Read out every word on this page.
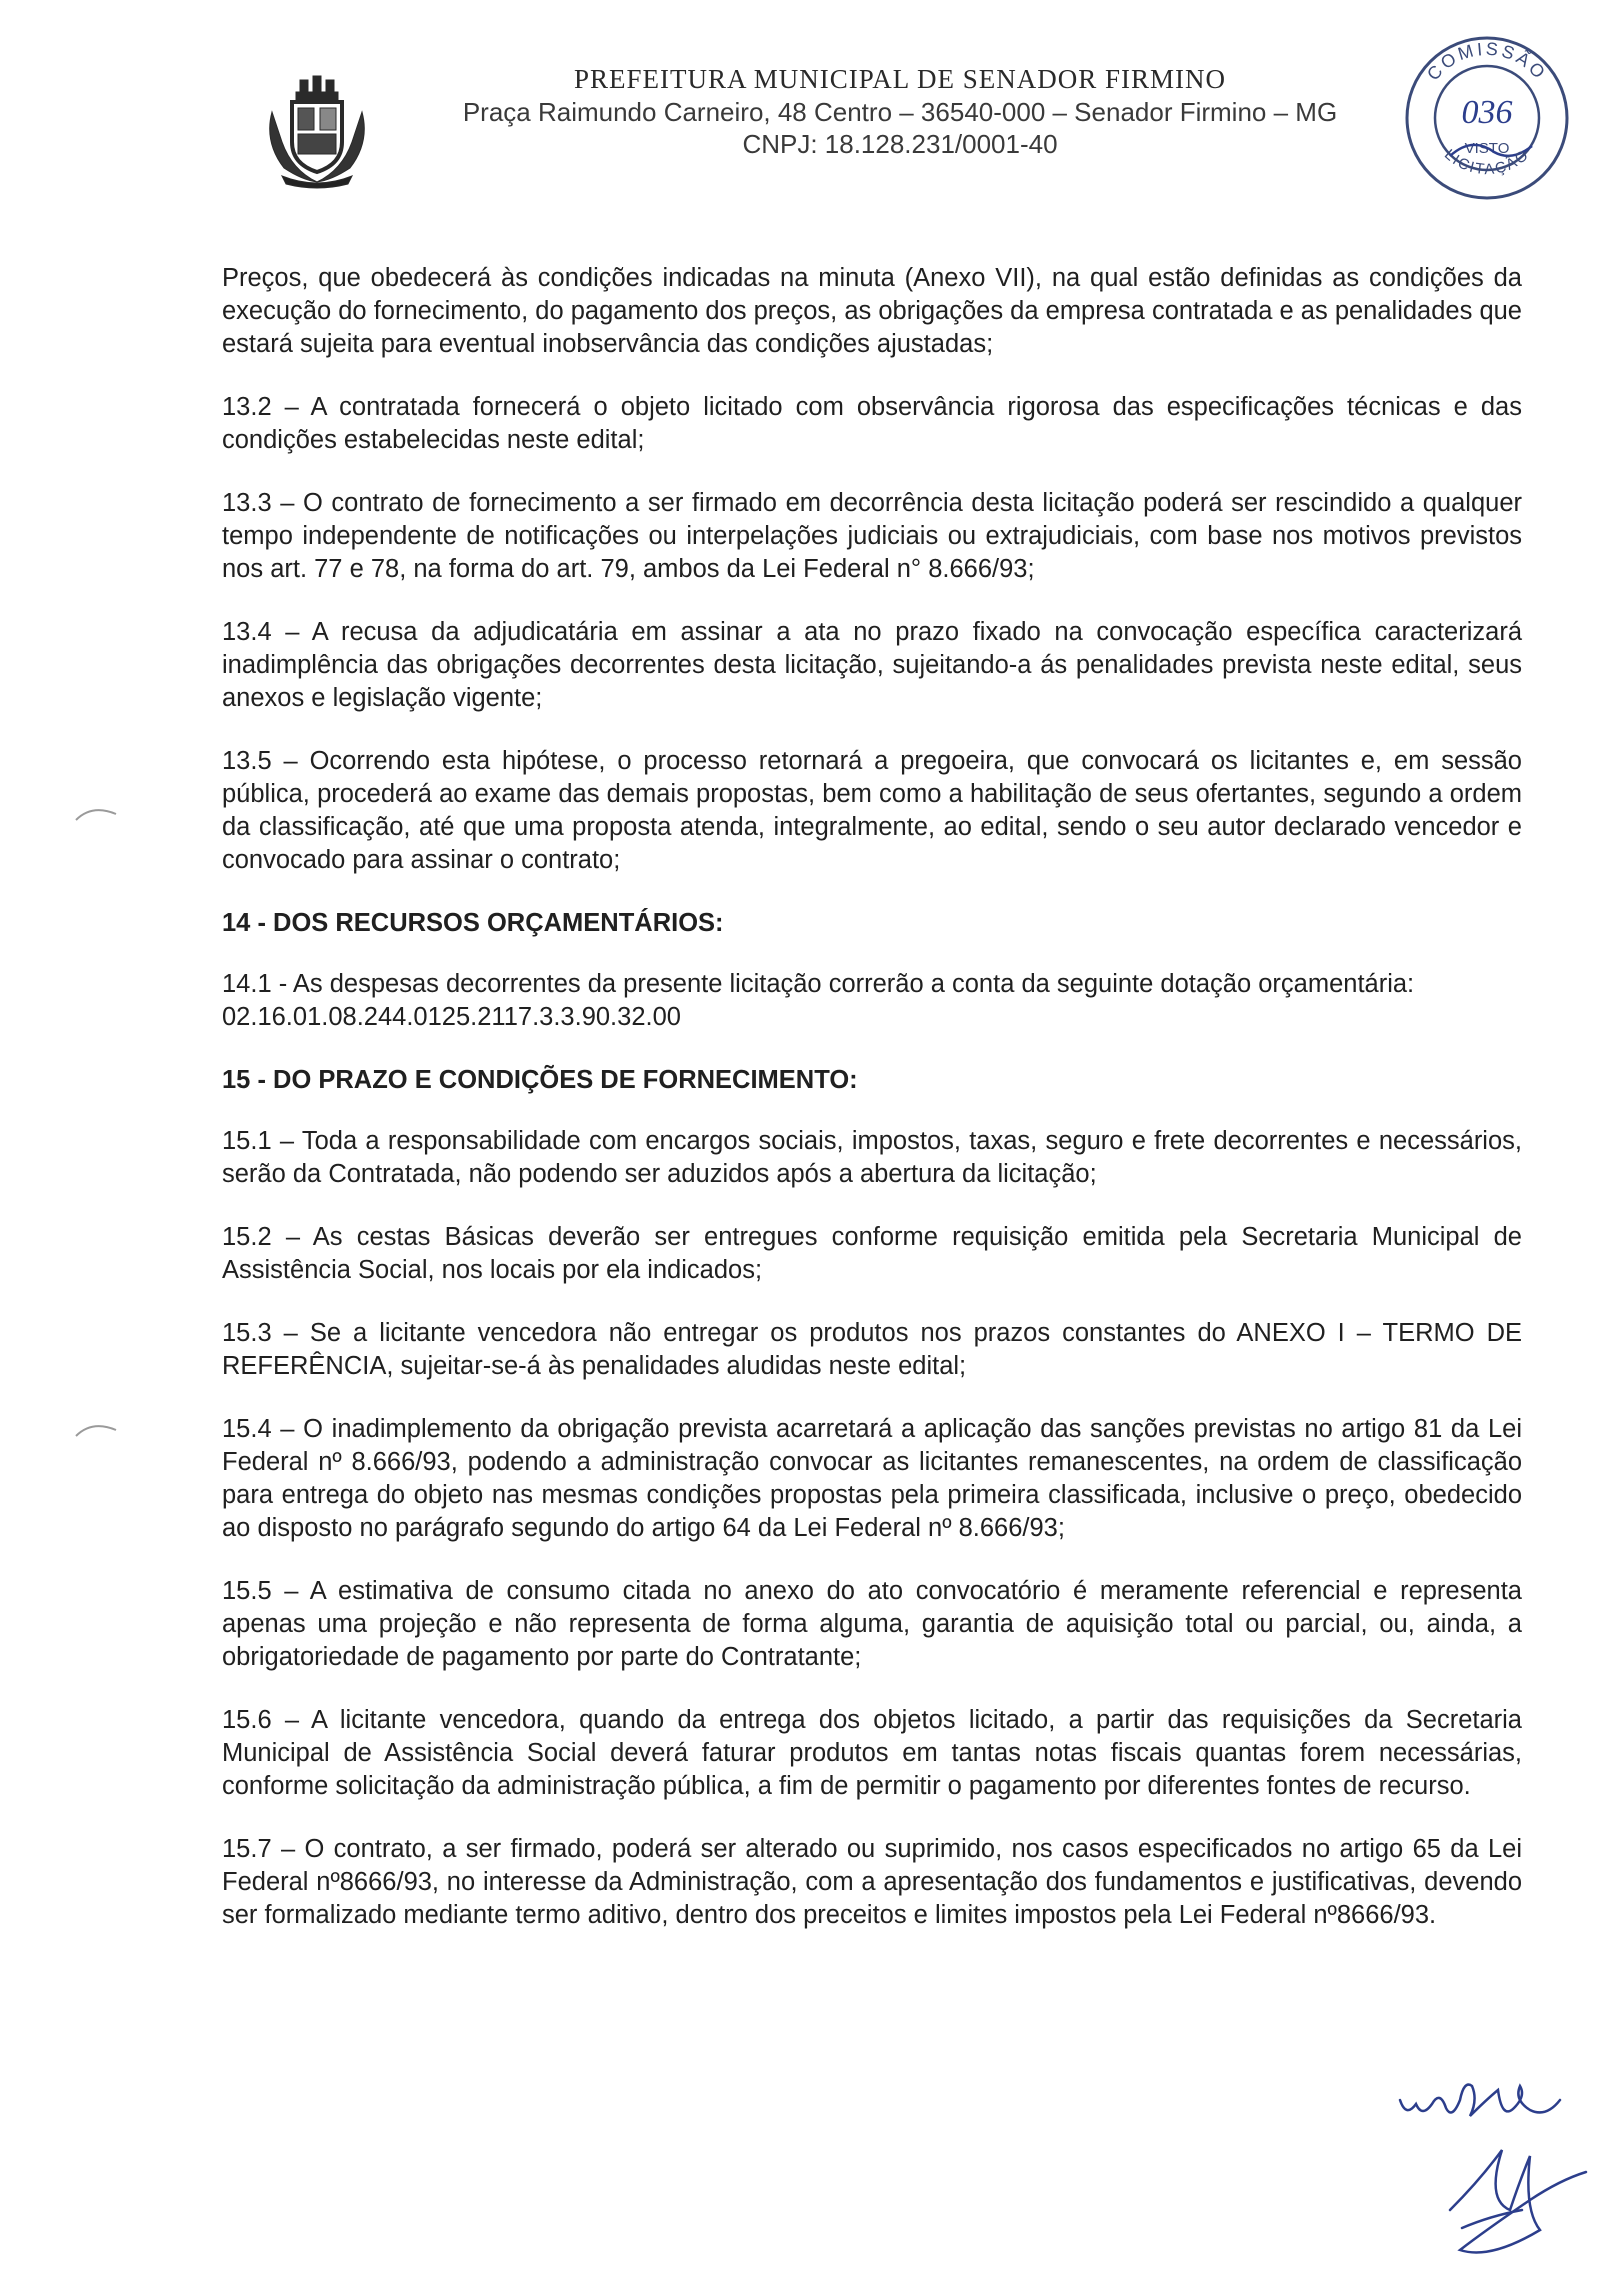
PREFEITURA MUNICIPAL DE SENADOR FIRMINO
Praça Raimundo Carneiro, 48 Centro – 36540-000 – Senador Firmino – MG
CNPJ: 18.128.231/0001-40
COMISSÃO
036
VISTO
LICITAÇÃO

Preços, que obedecerá às condições indicadas na minuta (Anexo VII), na qual estão definidas as condições da execução do fornecimento, do pagamento dos preços, as obrigações da empresa contratada e as penalidades que estará sujeita para eventual inobservância das condições ajustadas;

13.2 – A contratada fornecerá o objeto licitado com observância rigorosa das especificações técnicas e das condições estabelecidas neste edital;

13.3 – O contrato de fornecimento a ser firmado em decorrência desta licitação poderá ser rescindido a qualquer tempo independente de notificações ou interpelações judiciais ou extrajudiciais, com base nos motivos previstos nos art. 77 e 78, na forma do art. 79, ambos da Lei Federal n° 8.666/93;

13.4 – A recusa da adjudicatária em assinar a ata no prazo fixado na convocação específica caracterizará inadimplência das obrigações decorrentes desta licitação, sujeitando-a ás penalidades prevista neste edital, seus anexos e legislação vigente;

13.5 – Ocorrendo esta hipótese, o processo retornará a pregoeira, que convocará os licitantes e, em sessão pública, procederá ao exame das demais propostas, bem como a habilitação de seus ofertantes, segundo a ordem da classificação, até que uma proposta atenda, integralmente, ao edital, sendo o seu autor declarado vencedor e convocado para assinar o contrato;

14 - DOS RECURSOS ORÇAMENTÁRIOS:
14.1 - As despesas decorrentes da presente licitação correrão a conta da seguinte dotação orçamentária:
02.16.01.08.244.0125.2117.3.3.90.32.00
15 - DO PRAZO E CONDIÇÕES DE FORNECIMENTO:

15.1 – Toda a responsabilidade com encargos sociais, impostos, taxas, seguro e frete decorrentes e necessários, serão da Contratada, não podendo ser aduzidos após a abertura da licitação;

15.2 – As cestas Básicas deverão ser entregues conforme requisição emitida pela Secretaria Municipal de Assistência Social, nos locais por ela indicados;

15.3 – Se a licitante vencedora não entregar os produtos nos prazos constantes do ANEXO I – TERMO DE REFERÊNCIA, sujeitar-se-á às penalidades aludidas neste edital;

15.4 – O inadimplemento da obrigação prevista acarretará a aplicação das sanções previstas no artigo 81 da Lei Federal nº 8.666/93, podendo a administração convocar as licitantes remanescentes, na ordem de classificação para entrega do objeto nas mesmas condições propostas pela primeira classificada, inclusive o preço, obedecido ao disposto no parágrafo segundo do artigo 64 da Lei Federal nº 8.666/93;

15.5 – A estimativa de consumo citada no anexo do ato convocatório é meramente referencial e representa apenas uma projeção e não representa de forma alguma, garantia de aquisição total ou parcial, ou, ainda, a obrigatoriedade de pagamento por parte do Contratante;

15.6 – A licitante vencedora, quando da entrega dos objetos licitado, a partir das requisições da Secretaria Municipal de Assistência Social deverá faturar produtos em tantas notas fiscais quantas forem necessárias, conforme solicitação da administração pública, a fim de permitir o pagamento por diferentes fontes de recurso.

15.7 – O contrato, a ser firmado, poderá ser alterado ou suprimido, nos casos especificados no artigo 65 da Lei Federal nº8666/93, no interesse da Administração, com a apresentação dos fundamentos e justificativas, devendo ser formalizado mediante termo aditivo, dentro dos preceitos e limites impostos pela Lei Federal nº8666/93.
